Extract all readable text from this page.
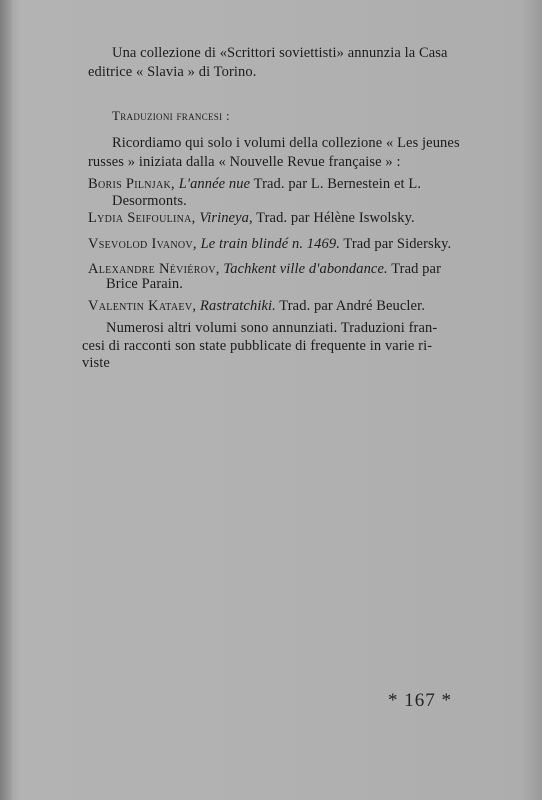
Una collezione di «Scrittori soviettisti» annunzia la Casa
editrice « Slavia » di Torino.
Traduzioni francesi :
Ricordiamo qui solo i volumi della collezione « Les jeunes
russes » iniziata dalla « Nouvelle Revue française » :
Boris Pilnjak, L'année nue Trad. par L. Bernestein et L.
Desormonts.
Lydia Seifoulina, Virineya, Trad. par Hélène Iswolsky.
Vsevolod Ivanov, Le train blindé n. 1469. Trad par Sidersky.
Alexandre Néviérov, Tachkent ville d'abondance. Trad par
Brice Parain.
Valentin Kataev, Rastratchiki. Trad. par André Beucler.
Numerosi altri volumi sono annunziati. Traduzioni fran-
cesi di racconti son state pubblicate di frequente in varie ri-
viste
* 167 *
